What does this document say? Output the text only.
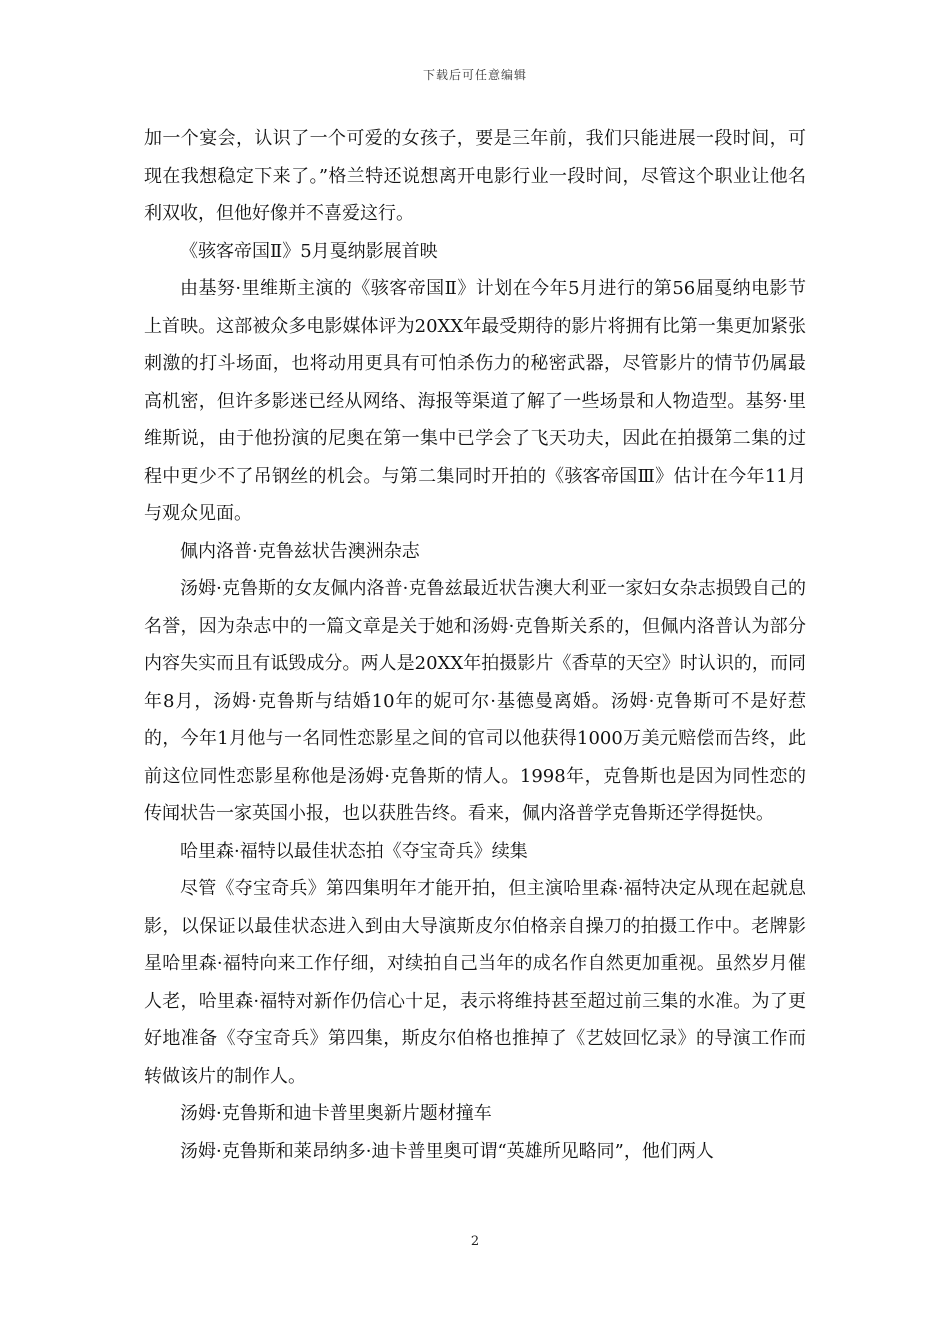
下载后可任意编辑

加一个宴会，认识了一个可爱的女孩子，要是三年前，我们只能进展一段时间，可现在我想稳定下来了。”格兰特还说想离开电影行业一段时间，尽管这个职业让他名利双收，但他好像并不喜爱这行。

《骇客帝国Ⅱ》5月戛纳影展首映

由基努·里维斯主演的《骇客帝国Ⅱ》计划在今年5月进行的第56届戛纳电影节上首映。这部被众多电影媒体评为20XX年最受期待的影片将拥有比第一集更加紧张刺激的打斗场面，也将动用更具有可怕杀伤力的秘密武器，尽管影片的情节仍属最高机密，但许多影迷已经从网络、海报等渠道了解了一些场景和人物造型。基努·里维斯说，由于他扮演的尼奥在第一集中已学会了飞天功夫，因此在拍摄第二集的过程中更少不了吊钢丝的机会。与第二集同时开拍的《骇客帝国Ⅲ》估计在今年11月与观众见面。

佩内洛普·克鲁兹状告澳洲杂志

汤姆·克鲁斯的女友佩内洛普·克鲁兹最近状告澳大利亚一家妇女杂志损毁自己的名誉，因为杂志中的一篇文章是关于她和汤姆·克鲁斯关系的，但佩内洛普认为部分内容失实而且有诋毁成分。两人是20XX年拍摄影片《香草的天空》时认识的，而同年8月，汤姆·克鲁斯与结婚10年的妮可尔·基德曼离婚。汤姆·克鲁斯可不是好惹的，今年1月他与一名同性恋影星之间的官司以他获得1000万美元赔偿而告终，此前这位同性恋影星称他是汤姆·克鲁斯的情人。1998年，克鲁斯也是因为同性恋的传闻状告一家英国小报，也以获胜告终。看来，佩内洛普学克鲁斯还学得挺快。

哈里森·福特以最佳状态拍《夺宝奇兵》续集

尽管《夺宝奇兵》第四集明年才能开拍，但主演哈里森·福特决定从现在起就息影，以保证以最佳状态进入到由大导演斯皮尔伯格亲自操刀的拍摄工作中。老牌影星哈里森·福特向来工作仔细，对续拍自己当年的成名作自然更加重视。虽然岁月催人老，哈里森·福特对新作仍信心十足，表示将维持甚至超过前三集的水准。为了更好地准备《夺宝奇兵》第四集，斯皮尔伯格也推掉了《艺妓回忆录》的导演工作而转做该片的制作人。

汤姆·克鲁斯和迪卡普里奥新片题材撞车

汤姆·克鲁斯和莱昂纳多·迪卡普里奥可谓“英雄所见略同”，他们两人

2
